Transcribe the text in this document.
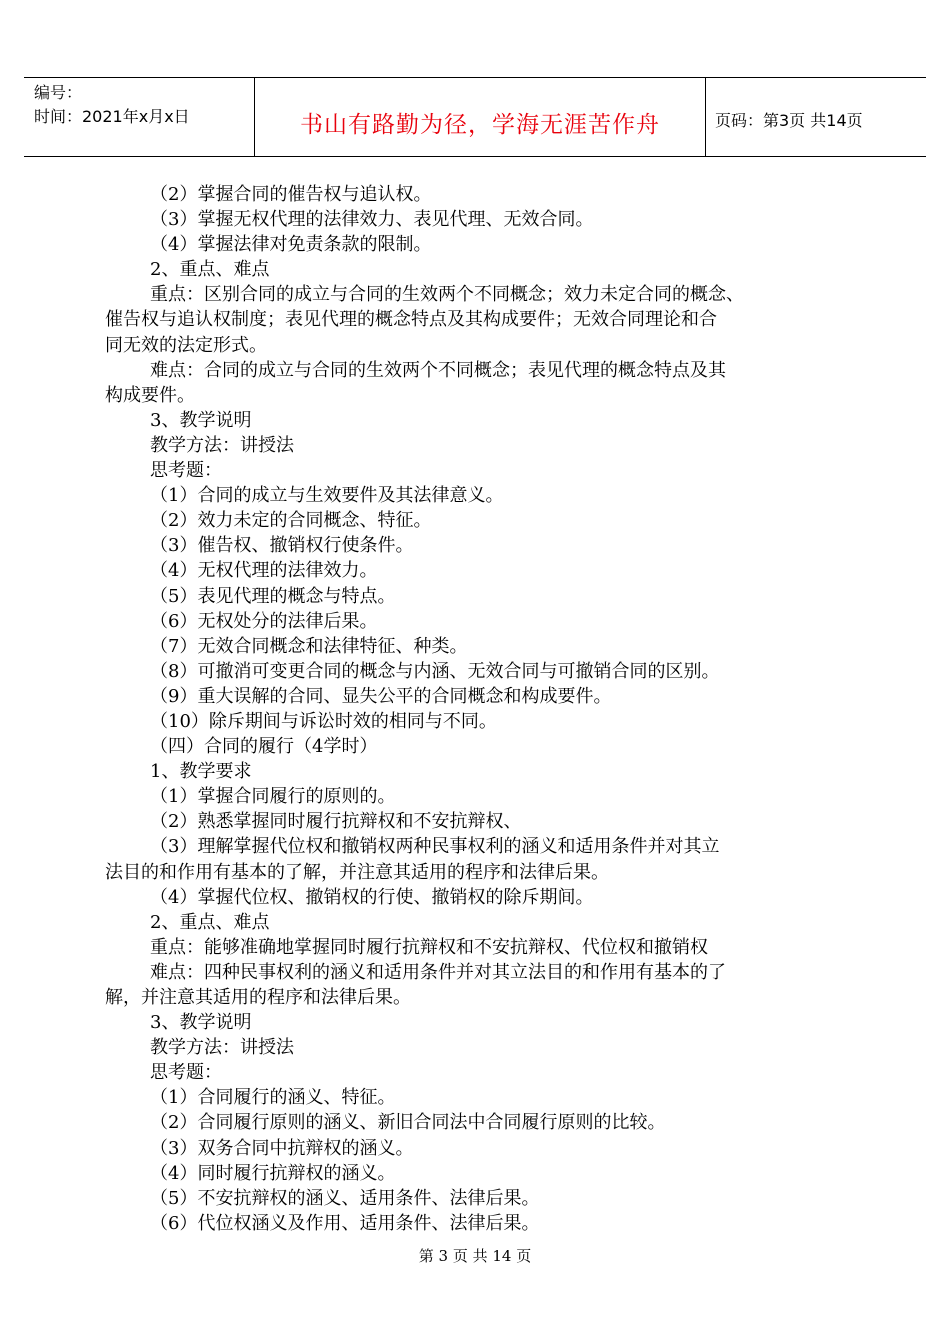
编号：
时间：2021年x月x日	书山有路勤为径，学海无涯苦作舟	页码：第3页 共14页
（2）掌握合同的催告权与追认权。
（3）掌握无权代理的法律效力、表见代理、无效合同。
（4）掌握法律对免责条款的限制。
2、重点、难点
重点：区别合同的成立与合同的生效两个不同概念；效力未定合同的概念、
催告权与追认权制度；表见代理的概念特点及其构成要件；无效合同理论和合
同无效的法定形式。
难点：合同的成立与合同的生效两个不同概念；表见代理的概念特点及其
构成要件。
3、教学说明
教学方法：讲授法
思考题：
（1）合同的成立与生效要件及其法律意义。
（2）效力未定的合同概念、特征。
（3）催告权、撤销权行使条件。
（4）无权代理的法律效力。
（5）表见代理的概念与特点。
（6）无权处分的法律后果。
（7）无效合同概念和法律特征、种类。
（8）可撤消可变更合同的概念与内涵、无效合同与可撤销合同的区别。
（9）重大误解的合同、显失公平的合同概念和构成要件。
（10）除斥期间与诉讼时效的相同与不同。
（四）合同的履行（4学时）
1、教学要求
（1）掌握合同履行的原则的。
（2）熟悉掌握同时履行抗辩权和不安抗辩权、
（3）理解掌握代位权和撤销权两种民事权利的涵义和适用条件并对其立
法目的和作用有基本的了解，并注意其适用的程序和法律后果。
（4）掌握代位权、撤销权的行使、撤销权的除斥期间。
2、重点、难点
重点：能够准确地掌握同时履行抗辩权和不安抗辩权、代位权和撤销权
难点：四种民事权利的涵义和适用条件并对其立法目的和作用有基本的了
解，并注意其适用的程序和法律后果。
3、教学说明
教学方法：讲授法
思考题：
（1）合同履行的涵义、特征。
（2）合同履行原则的涵义、新旧合同法中合同履行原则的比较。
（3）双务合同中抗辩权的涵义。
（4）同时履行抗辩权的涵义。
（5）不安抗辩权的涵义、适用条件、法律后果。
（6）代位权涵义及作用、适用条件、法律后果。
第 3 页 共 14 页
